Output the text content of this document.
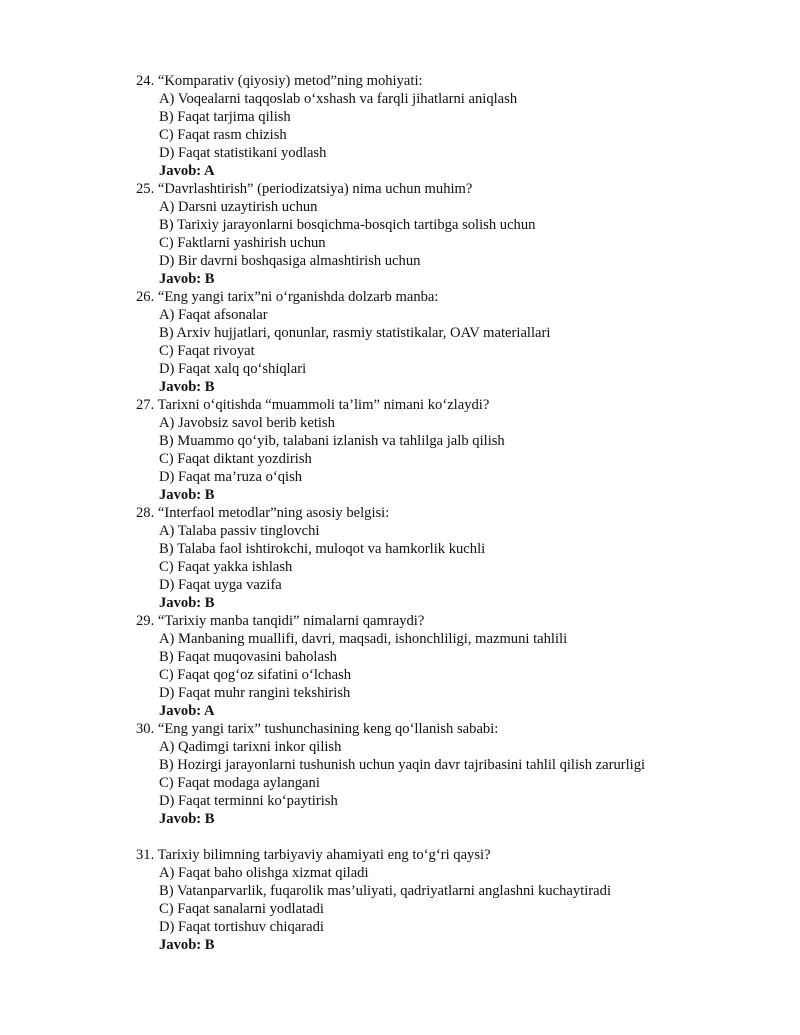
24. “Komparativ (qiyosiy) metod”ning mohiyati:
A) Voqealarni taqqoslab o‘xshash va farqli jihatlarni aniqlash
B) Faqat tarjima qilish
C) Faqat rasm chizish
D) Faqat statistikani yodlash
Javob: A
25. “Davrlashtirish” (periodizatsiya) nima uchun muhim?
A) Darsni uzaytirish uchun
B) Tarixiy jarayonlarni bosqichma-bosqich tartibga solish uchun
C) Faktlarni yashirish uchun
D) Bir davrni boshqasiga almashtirish uchun
Javob: B
26. “Eng yangi tarix”ni o‘rganishda dolzarb manba:
A) Faqat afsonalar
B) Arxiv hujjatlari, qonunlar, rasmiy statistikalar, OAV materiallari
C) Faqat rivoyat
D) Faqat xalq qo‘shiqlari
Javob: B
27. Tarixni o‘qitishda “muammoli ta’lim” nimani ko‘zlaydi?
A) Javobsiz savol berib ketish
B) Muammo qo‘yib, talabani izlanish va tahlilga jalb qilish
C) Faqat diktant yozdirish
D) Faqat ma’ruza o‘qish
Javob: B
28. “Interfaol metodlar”ning asosiy belgisi:
A) Talaba passiv tinglovchi
B) Talaba faol ishtirokchi, muloqot va hamkorlik kuchli
C) Faqat yakka ishlash
D) Faqat uyga vazifa
Javob: B
29. “Tarixiy manba tanqidi” nimalarni qamraydi?
A) Manbaning muallifi, davri, maqsadi, ishonchliligi, mazmuni tahlili
B) Faqat muqovasini baholash
C) Faqat qog‘oz sifatini o‘lchash
D) Faqat muhr rangini tekshirish
Javob: A
30. “Eng yangi tarix” tushunchasining keng qo‘llanish sababi:
A) Qadimgi tarixni inkor qilish
B) Hozirgi jarayonlarni tushunish uchun yaqin davr tajribasini tahlil qilish zarurligi
C) Faqat modaga aylangani
D) Faqat terminni ko‘paytirish
Javob: B
31. Tarixiy bilimning tarbiyaviy ahamiyati eng to‘g‘ri qaysi?
A) Faqat baho olishga xizmat qiladi
B) Vatanparvarlik, fuqarolik mas’uliyati, qadriyatlarni anglashni kuchaytiradi
C) Faqat sanalarni yodlatadi
D) Faqat tortishuv chiqaradi
Javob: B
